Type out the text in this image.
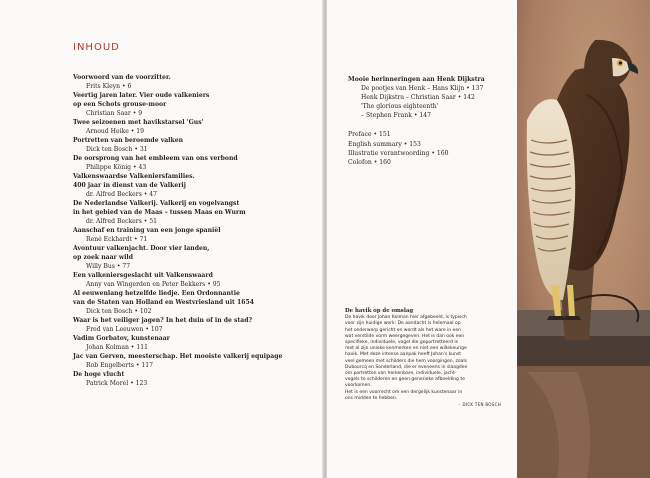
INHOUD
Voorwoord van de voorzitter.
Frits Kleyn • 6
Veertig jaren later. Vier oude valkeniers
op een Schots grouse-moor
Christian Saar • 9
Twee seizoenen met havikstarsel 'Gus'
Arnoud Heike • 19
Portretten van beroemde valken
Dick ten Bosch • 31
De oorsprong van het embleem van ons verbond
Philippe König • 43
Valkenswaardse Valkeniersfamilies.
400 jaar in dienst van de Valkerij
dr. Alfred Beckers • 47
De Nederlandse Valkerij. Valkerij en vogelvangst
in het gebied van de Maas – tussen Maas en Wurm
dr. Alfred Beckers • 51
Aanschaf en training van een jonge spaniël
René Eckhardt • 71
Avontuur valkenjacht. Door vier landen,
op zoek naar wild
Willy Bus • 77
Een valkeniersgeslacht uit Valkenswaard
Anny van Wingerden en Peter Bekkers • 95
Al eeuwenlang hetzelfde liedje. Een Ordonnantie
van de Staten van Holland en Westvriesland uit 1654
Dick ten Bosch • 102
Waar is het veiliger jagen? In het duin of in de stad?
Fred van Leeuwen • 107
Vadim Gorbatov, kunstenaar
Johan Kolman • 111
Jac van Gerven, meesterschap. Het mooiste valkerij equipage
Rob Engelberts • 117
De hoge vlucht
Patrick Morel • 123
Mooie herinneringen aan Henk Dijkstra
De pootjes van Henk – Hans Klijn • 137
Henk Dijkstra – Christian Saar • 142
'The glorious eighteenth'
– Stephen Frank • 147
Preface • 151
English summary • 153
Illustratie verantwoording • 160
Colofon • 160
De havik op de omslag
De havik door Johan Kolman hier afgebeeld, is typisch
voor zijn huidige werk: De aandacht is helemaal op
het onderwerp gericht en wordt als het ware in een
wat verstilde vorm weergegeven. Het is dan ook een
specifieke, individuele, vogel die geportretteerd is
met al zijn unieke kenmerken en niet een willekeurige
havik. Met deze intense aanpak heeft Johan's kunst
veel gemeen met schilders die hem voorgingen, zoals
Dubourcq en Sonderland, die er eveneens in slaagden
om portretten van herkenbare, individuele, jacht-
vogels te schilderen en geen generieke afbeelding te
voorkomen.
Het is een voorrecht om een dergelijk kunstenaar in
ons midden te hebben.
– DICK TEN BOSCH
